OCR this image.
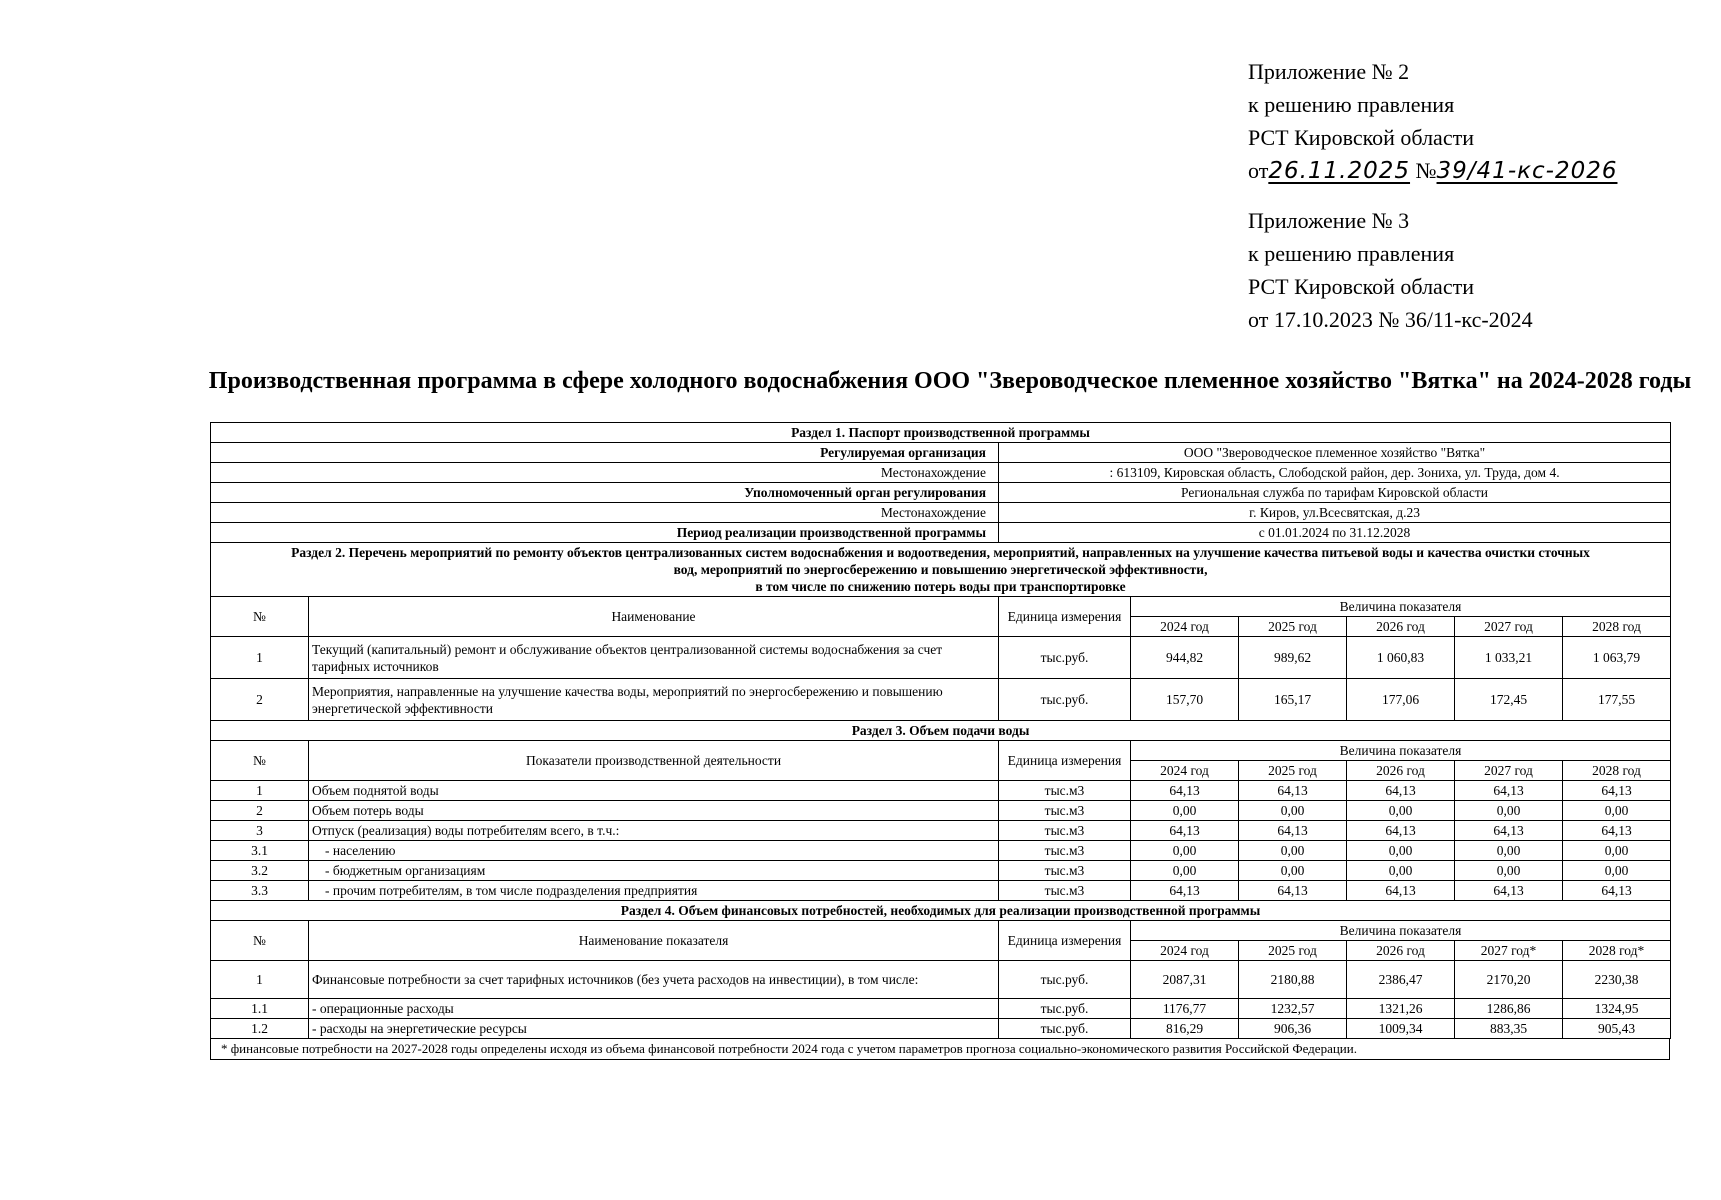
Приложение № 2
к решению правления
РСТ Кировской области
от26.11.2025 №39/41-кс-2026
Приложение № 3
к решению правления
РСТ Кировской области
от 17.10.2023 № 36/11-кс-2024
Производственная программа в сфере холодного водоснабжения ООО "Звероводческое племенное хозяйство "Вятка" на 2024-2028 годы
Раздел 1. Паспорт производственной программы							
Регулируемая организация		ООО "Звероводческое племенное хозяйство "Вятка"					
Местонахождение		: 613109, Кировская область, Слободской район, дер. Зониха, ул. Труда, дом 4.					
Уполномоченный орган регулирования		Региональная служба по тарифам Кировской области					
Местонахождение		г. Киров, ул.Всесвятская, д.23					
Период реализации производственной программы		с 01.01.2024 по 31.12.2028					

Раздел 2. Перечень мероприятий по ремонту объектов централизованных систем водоснабжения и водоотведения, мероприятий, направленных на улучшение качества питьевой воды и качества очистки сточных
вод, мероприятий по энергосбережению и повышению энергетической эффективности,
в том числе по снижению потерь воды при транспортировке							

№	Наименование	Единица измерения	Величина показателя				
			2024 год	2025 год	2026 год	2027 год	2028 год
1	Текущий (капитальный) ремонт и обслуживание объектов централизованной системы водоснабжения за счет тарифных источников	тыс.руб.	944,82	989,62	1 060,83	1 033,21	1 063,79
2	Мероприятия, направленные на улучшение качества воды, мероприятий по энергосбережению и повышению энергетической эффективности	тыс.руб.	157,70	165,17	177,06	172,45	177,55

Раздел 3. Объем подачи воды							

№	Показатели производственной деятельности	Единица измерения	Величина показателя				
			2024 год	2025 год	2026 год	2027 год	2028 год
1	Объем поднятой воды	тыс.м3	64,13	64,13	64,13	64,13	64,13
2	Объем потерь воды	тыс.м3	0,00	0,00	0,00	0,00	0,00
3	Отпуск (реализация) воды потребителям всего, в т.ч.:	тыс.м3	64,13	64,13	64,13	64,13	64,13
3.1	- населению	тыс.м3	0,00	0,00	0,00	0,00	0,00
3.2	- бюджетным организациям	тыс.м3	0,00	0,00	0,00	0,00	0,00
3.3	- прочим потребителям, в том числе подразделения предприятия	тыс.м3	64,13	64,13	64,13	64,13	64,13

Раздел 4. Объем финансовых потребностей, необходимых для реализации производственной программы							

№	Наименование показателя	Единица измерения	Величина показателя				
			2024 год	2025 год	2026 год	2027 год*	2028 год*
1	Финансовые потребности за счет тарифных источников (без учета расходов на инвестиции), в том числе:	тыс.руб.	2087,31	2180,88	2386,47	2170,20	2230,38
1.1	- операционные расходы	тыс.руб.	1176,77	1232,57	1321,26	1286,86	1324,95
1.2	- расходы на энергетические ресурсы	тыс.руб.	816,29	906,36	1009,34	883,35	905,43
* финансовые потребности на 2027-2028 годы определены исходя из объема финансовой потребности 2024 года с учетом параметров прогноза социально-экономического развития Российской Федерации.
